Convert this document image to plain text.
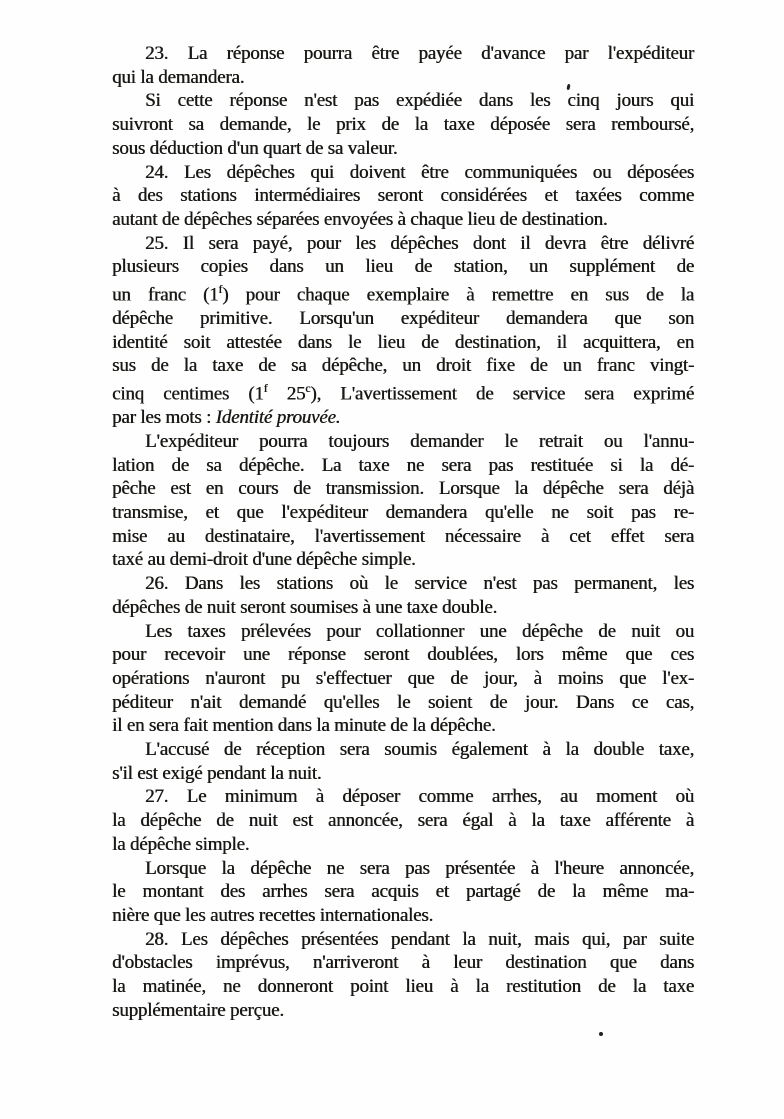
23. La réponse pourra être payée d'avance par l'expéditeur
qui la demandera.
Si cette réponse n'est pas expédiée dans les cinq jours qui
suivront sa demande, le prix de la taxe déposée sera remboursé,
sous déduction d'un quart de sa valeur.
24. Les dépêches qui doivent être communiquées ou déposées
à des stations intermédiaires seront considérées et taxées comme
autant de dépêches séparées envoyées à chaque lieu de destination.
25. Il sera payé, pour les dépêches dont il devra être délivré
plusieurs copies dans un lieu de station, un supplément de
un franc (1$^f$) pour chaque exemplaire à remettre en sus de la
dépêche primitive. Lorsqu'un expéditeur demandera que son
identité soit attestée dans le lieu de destination, il acquittera, en
sus de la taxe de sa dépêche, un droit fixe de un franc vingt-
cinq centimes (1$^f$ 25$^c$), L'avertissement de service sera exprimé
par les mots : Identité prouvée.
L'expéditeur pourra toujours demander le retrait ou l'annu-
lation de sa dépêche. La taxe ne sera pas restituée si la dé-
pêche est en cours de transmission. Lorsque la dépêche sera déjà
transmise, et que l'expéditeur demandera qu'elle ne soit pas re-
mise au destinataire, l'avertissement nécessaire à cet effet sera
taxé au demi-droit d'une dépêche simple.
26. Dans les stations où le service n'est pas permanent, les
dépêches de nuit seront soumises à une taxe double.
Les taxes prélevées pour collationner une dépêche de nuit ou
pour recevoir une réponse seront doublées, lors même que ces
opérations n'auront pu s'effectuer que de jour, à moins que l'ex-
péditeur n'ait demandé qu'elles le soient de jour. Dans ce cas,
il en sera fait mention dans la minute de la dépêche.
L'accusé de réception sera soumis également à la double taxe,
s'il est exigé pendant la nuit.
27. Le minimum à déposer comme arrhes, au moment où
la dépêche de nuit est annoncée, sera égal à la taxe afférente à
la dépêche simple.
Lorsque la dépêche ne sera pas présentée à l'heure annoncée,
le montant des arrhes sera acquis et partagé de la même ma-
nière que les autres recettes internationales.
28. Les dépêches présentées pendant la nuit, mais qui, par suite
d'obstacles imprévus, n'arriveront à leur destination que dans
la matinée, ne donneront point lieu à la restitution de la taxe
supplémentaire perçue.
